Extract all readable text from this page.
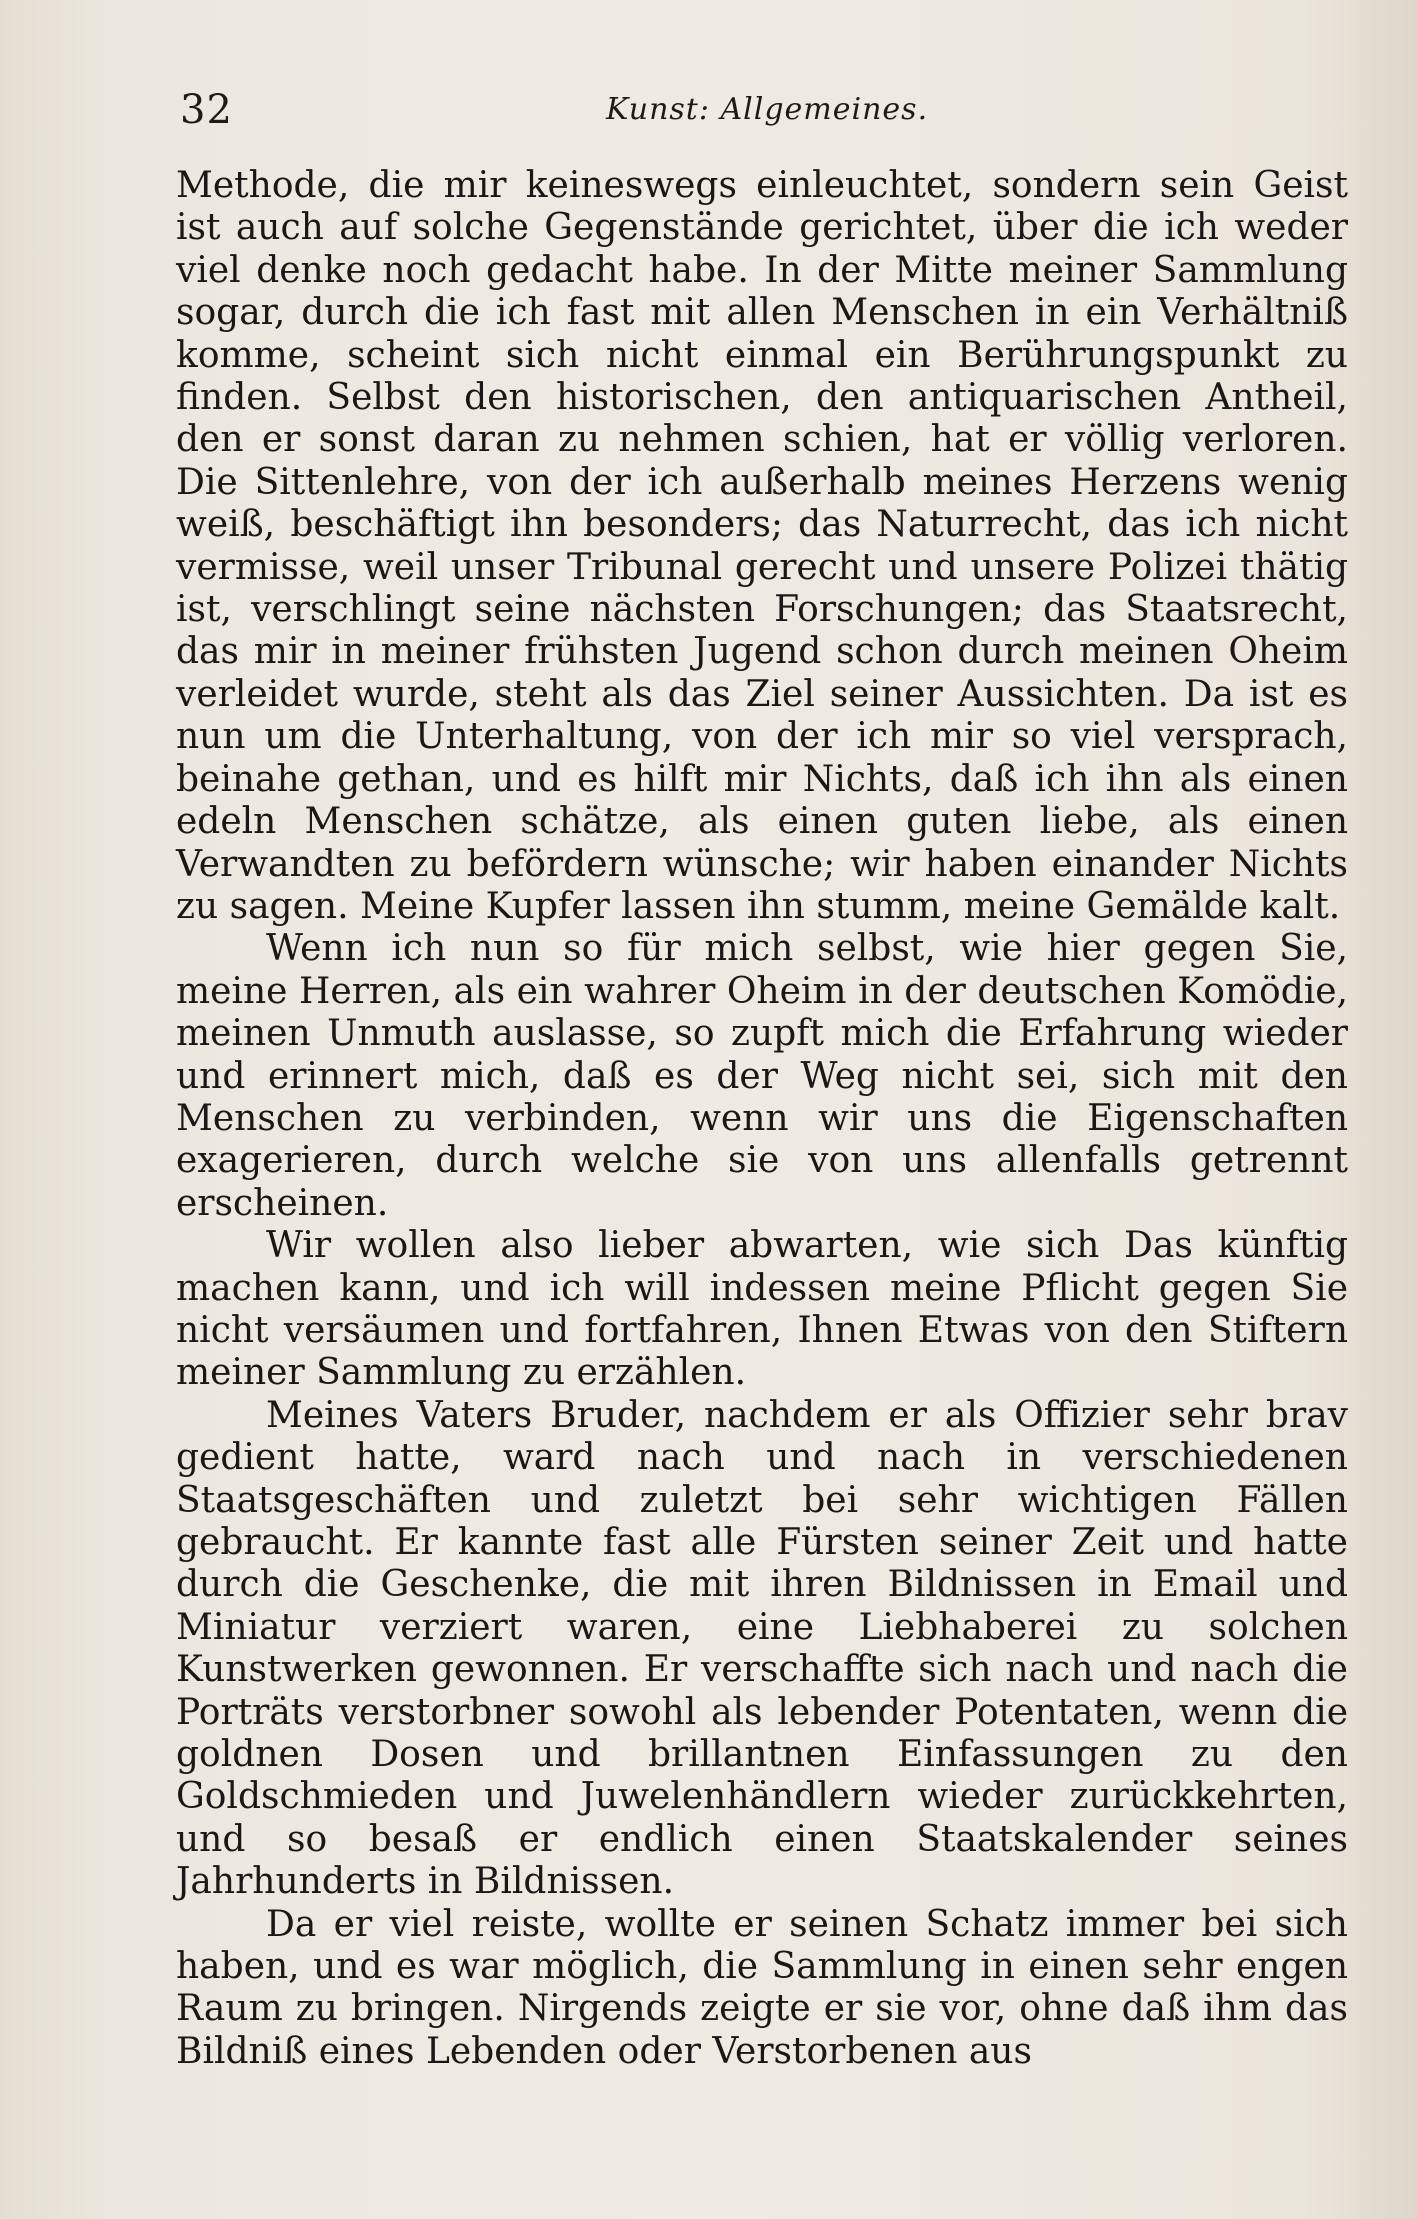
32	Kunst: Allgemeines.

Methode, die mir keineswegs einleuchtet, sondern sein Geist ist auch auf solche Gegenstände gerichtet, über die ich weder viel denke noch gedacht habe. In der Mitte meiner Sammlung sogar, durch die ich fast mit allen Menschen in ein Verhältniß komme, scheint sich nicht einmal ein Berührungspunkt zu finden. Selbst den historischen, den antiquarischen Antheil, den er sonst daran zu nehmen schien, hat er völlig verloren. Die Sittenlehre, von der ich außerhalb meines Herzens wenig weiß, beschäftigt ihn besonders; das Naturrecht, das ich nicht vermisse, weil unser Tribunal gerecht und unsere Polizei thätig ist, verschlingt seine nächsten Forschungen; das Staatsrecht, das mir in meiner frühsten Jugend schon durch meinen Oheim verleidet wurde, steht als das Ziel seiner Aussichten. Da ist es nun um die Unterhaltung, von der ich mir so viel versprach, beinahe gethan, und es hilft mir Nichts, daß ich ihn als einen edeln Menschen schätze, als einen guten liebe, als einen Verwandten zu befördern wünsche; wir haben einander Nichts zu sagen. Meine Kupfer lassen ihn stumm, meine Gemälde kalt.

Wenn ich nun so für mich selbst, wie hier gegen Sie, meine Herren, als ein wahrer Oheim in der deutschen Komödie, meinen Unmuth auslasse, so zupft mich die Erfahrung wieder und erinnert mich, daß es der Weg nicht sei, sich mit den Menschen zu verbinden, wenn wir uns die Eigenschaften exagerieren, durch welche sie von uns allenfalls getrennt erscheinen.

Wir wollen also lieber abwarten, wie sich Das künftig machen kann, und ich will indessen meine Pflicht gegen Sie nicht versäumen und fortfahren, Ihnen Etwas von den Stiftern meiner Sammlung zu erzählen.

Meines Vaters Bruder, nachdem er als Offizier sehr brav gedient hatte, ward nach und nach in verschiedenen Staatsgeschäften und zuletzt bei sehr wichtigen Fällen gebraucht. Er kannte fast alle Fürsten seiner Zeit und hatte durch die Geschenke, die mit ihren Bildnissen in Email und Miniatur verziert waren, eine Liebhaberei zu solchen Kunstwerken gewonnen. Er verschaffte sich nach und nach die Porträts verstorbner sowohl als lebender Potentaten, wenn die goldnen Dosen und brillantnen Einfassungen zu den Goldschmieden und Juwelenhändlern wieder zurückkehrten, und so besaß er endlich einen Staatskalender seines Jahrhunderts in Bildnissen.

Da er viel reiste, wollte er seinen Schatz immer bei sich haben, und es war möglich, die Sammlung in einen sehr engen Raum zu bringen. Nirgends zeigte er sie vor, ohne daß ihm das Bildniß eines Lebenden oder Verstorbenen aus
